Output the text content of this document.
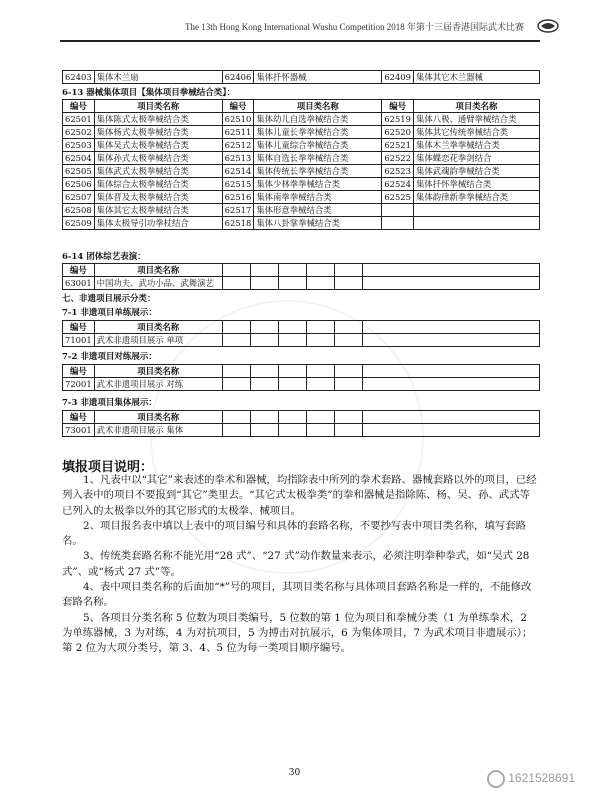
The 13th Hong Kong International Wushu Competition 2018 年第十三届香港国际武术比赛
62403	集体木兰扇	62406	集体扦怀器械	62409	集体其它木兰器械
6-13 器械集体项目【集体项目拳械结合类】：
编号	项目类名称	编号	项目类名称	编号	项目类名称
62501	集体陈式太极拳械结合类	62510	集体幼儿自选拳械结合类	62519	集体八极、通臂拳械结合类
62502	集体杨式太极拳械结合类	62511	集体儿童长拳拳械结合类	62520	集体其它传统拳械结合类
62503	集体吴式太极拳械结合类	62512	集体儿童综合拳械结合类	62521	集体木兰拳拳械结合类
62504	集体孙式太极拳械结合类	62513	集体自选长拳拳械结合类	62522	集体蝶恋花拳剑结合
62505	集体武式太极拳械结合类	62514	集体传统长拳拳械结合类	62523	集体武魂韵拳械结合类
62506	集体综合太极拳械结合类	62515	集体少林拳拳械结合类	62524	集体扦怀拳械结合类
62507	集体晋及太极拳械结合类	62516	集体南拳拳械结合类	62525	集体韵律新拳拳械结合类
62508	集体其它太极拳械结合类	62517	集体形意拳械结合类		
62509	集体太极导引功拳杖结合	62518	集体八卦掌拳械结合类		
6-14 团体综艺表演：
编号	项目类名称						
63001	中国功夫、武功小品、武舞演艺						
七、非遗项目展示分类：
7-1 非遗项目单练展示：
编号	项目类名称						
71001	武术非遗项目展示 单项						
7-2 非遗项目对练展示：
编号	项目类名称						
72001	武术非遗项目展示 对练						
7-3 非遗项目集体展示：
编号	项目类名称						
73001	武术非遗项目展示 集体						
填报项目说明：

1、凡表中以“其它”来表述的拳术和器械，均指除表中所列的拳术套路、器械套路以外的项目，已经列入表中的项目不要报到“其它”类里去。“其它式太极拳类”的拳和器械是指除陈、杨、吴、孙、武式等已列入的太极拳以外的其它形式的太极拳、械项目。

2、项目报名表中填以上表中的项目编号和具体的套路名称，不要抄写表中项目类名称，填写套路名。

3、传统类套路名称不能光用“28 式”、“27 式”动作数量来表示，必须注明拳种拳式，如“吴式 28 式”、或“杨式 27 式”等。

4、表中项目类名称的后面加“*”号的项目，其项目类名称与具体项目套路名称是一样的，不能修改套路名称。

5、各项目分类名称 5 位数为项目类编号，5 位数的第 1 位为项目和拳械分类（1 为单练拳术，2 为单练器械，3 为对练，4 为对抗项目，5 为搏击对抗展示，6 为集体项目，7 为武术项目非遗展示）；第 2 位为大项分类号，第 3、4、5 位为每一类项目顺序编号。

30	1621528691
